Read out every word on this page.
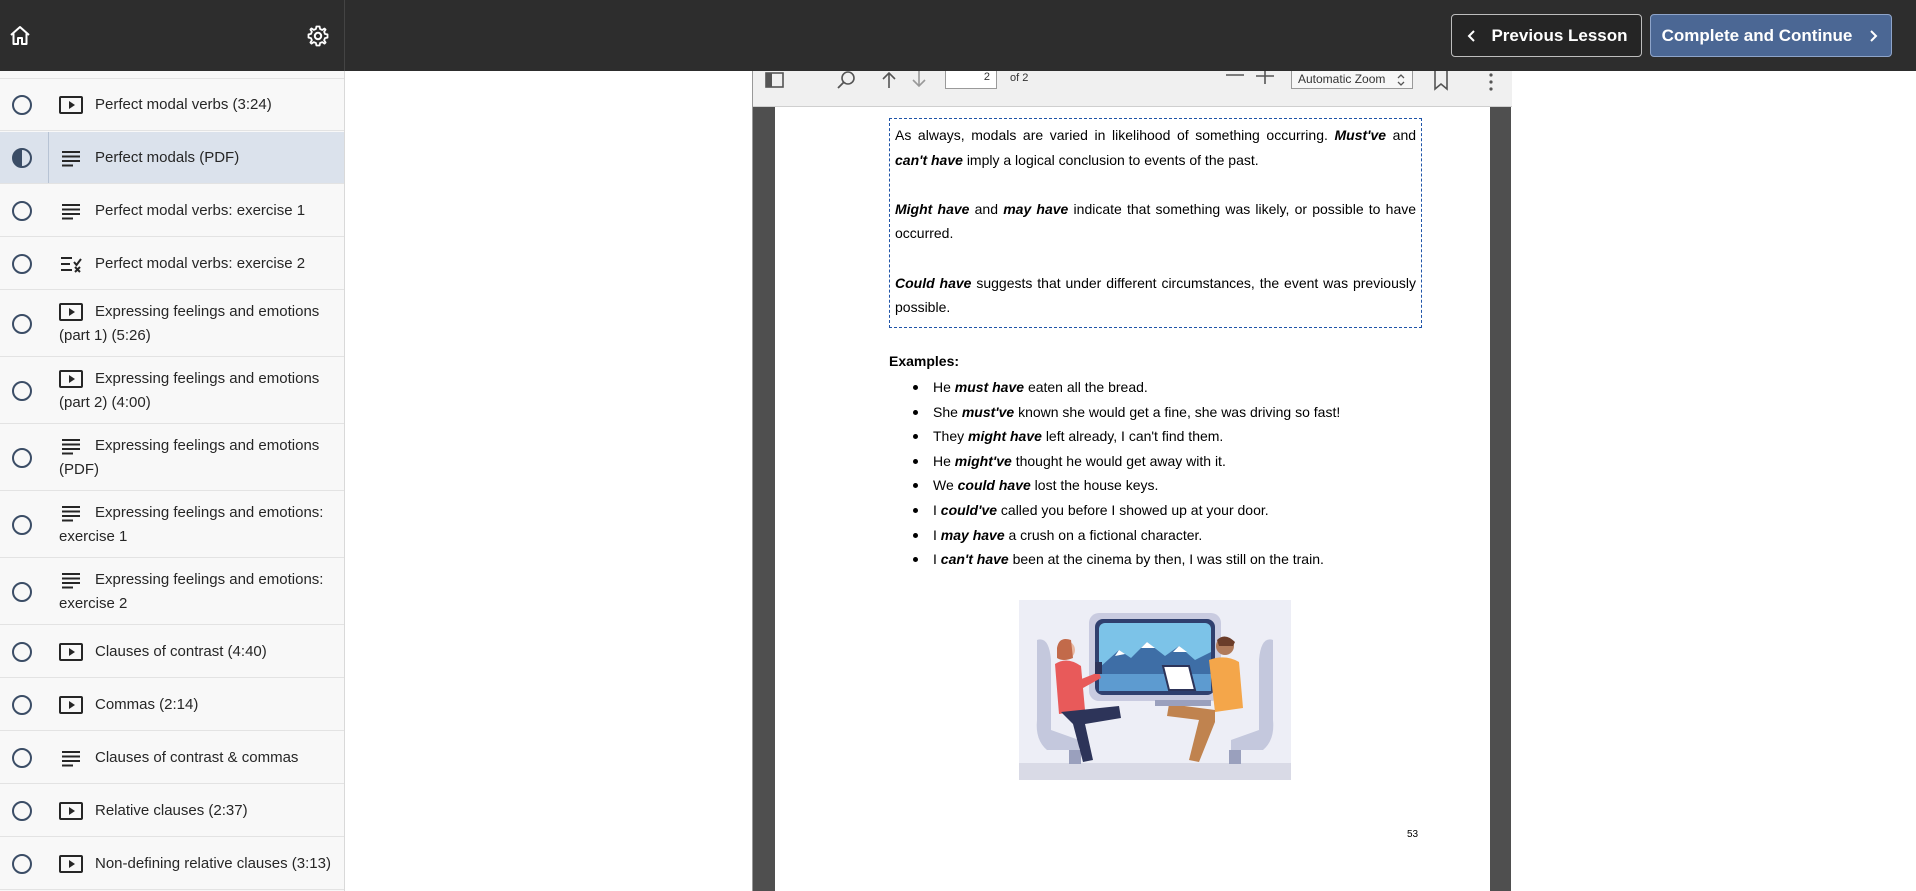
Previous Lesson Complete and Continue
Perfect modal verbs (3:24)
Perfect modals (PDF)
Perfect modal verbs: exercise 1
Perfect modal verbs: exercise 2
Expressing feelings and emotions (part 1) (5:26)
Expressing feelings and emotions (part 2) (4:00)
Expressing feelings and emotions (PDF)
Expressing feelings and emotions: exercise 1
Expressing feelings and emotions: exercise 2
Clauses of contrast (4:40)
Commas (2:14)
Clauses of contrast & commas
Relative clauses (2:37)
Non-defining relative clauses (3:13)
2	of 2	Automatic Zoom

As always, modals are varied in likelihood of something occurring. Must've and can't have imply a logical conclusion to events of the past.

Might have and may have indicate that something was likely, or possible to have occurred.

Could have suggests that under different circumstances, the event was previously possible.

Examples:
He must have eaten all the bread.
She must've known she would get a fine, she was driving so fast!
They might have left already, I can't find them.
He might've thought he would get away with it.
We could have lost the house keys.
I could've called you before I showed up at your door.
I may have a crush on a fictional character.
I can't have been at the cinema by then, I was still on the train.
53
